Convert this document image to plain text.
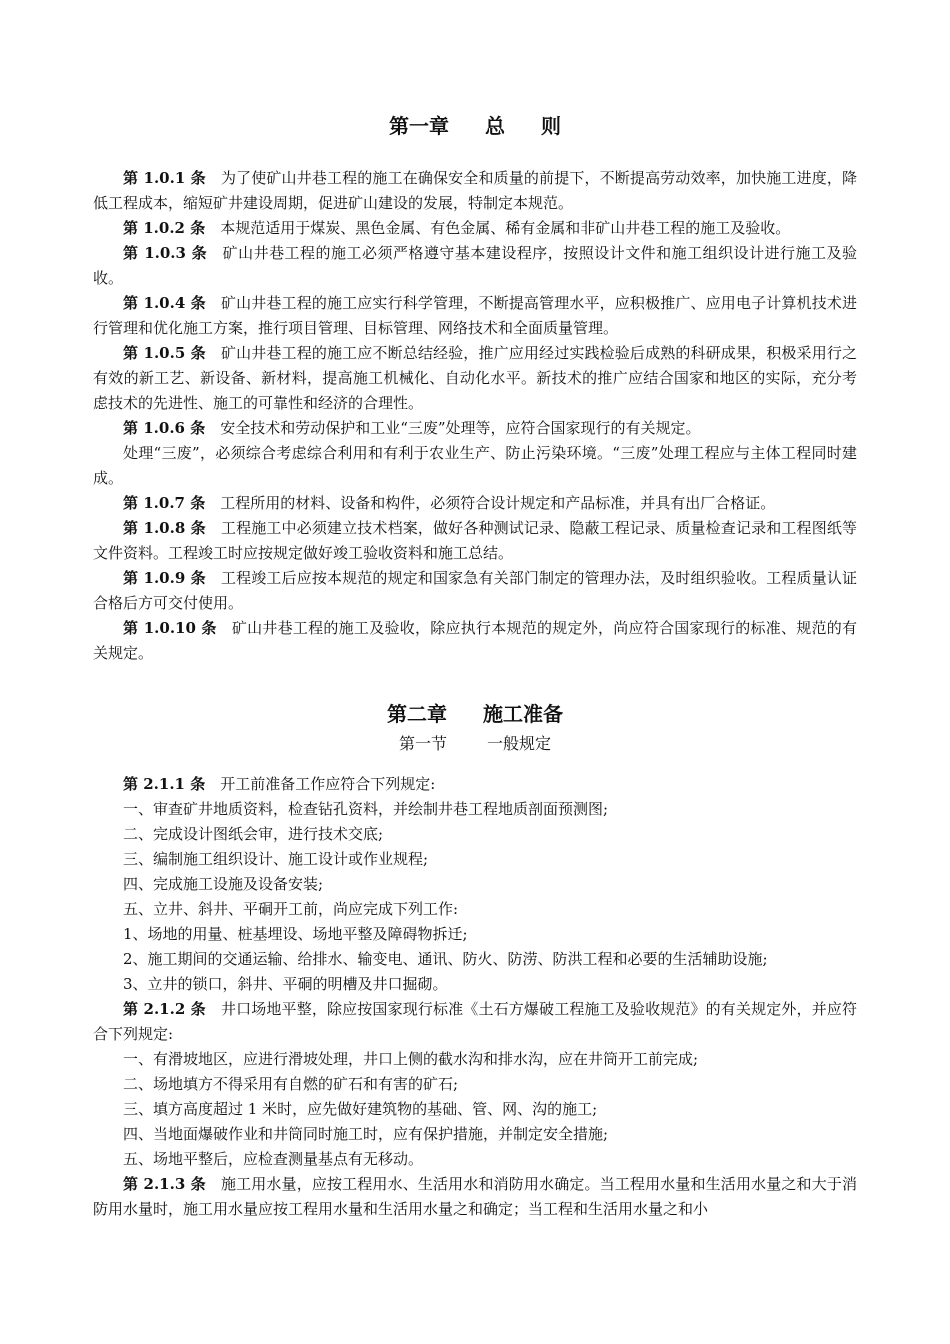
第一章 总 则

第 1.0.1 条　 为了使矿山井巷工程的施工在确保安全和质量的前提下，不断提高劳动效率，加快施工进度，降低工程成本，缩短矿井建设周期，促进矿山建设的发展，特制定本规范。

第 1.0.2 条　 本规范适用于煤炭、黑色金属、有色金属、稀有金属和非矿山井巷工程的施工及验收。

第 1.0.3 条　 矿山井巷工程的施工必须严格遵守基本建设程序，按照设计文件和施工组织设计进行施工及验收。

第 1.0.4 条　 矿山井巷工程的施工应实行科学管理，不断提高管理水平，应积极推广、应用电子计算机技术进行管理和优化施工方案，推行项目管理、目标管理、网络技术和全面质量管理。

第 1.0.5 条　 矿山井巷工程的施工应不断总结经验，推广应用经过实践检验后成熟的科研成果，积极采用行之有效的新工艺、新设备、新材料，提高施工机械化、自动化水平。新技术的推广应结合国家和地区的实际，充分考虑技术的先进性、施工的可靠性和经济的合理性。

第 1.0.6 条　 安全技术和劳动保护和工业“三废”处理等，应符合国家现行的有关规定。

处理“三废”，必须综合考虑综合利用和有利于农业生产、防止污染环境。“三废”处理工程应与主体工程同时建成。

第 1.0.7 条　 工程所用的材料、设备和构件，必须符合设计规定和产品标准，并具有出厂合格证。

第 1.0.8 条　 工程施工中必须建立技术档案，做好各种测试记录、隐蔽工程记录、质量检查记录和工程图纸等文件资料。工程竣工时应按规定做好竣工验收资料和施工总结。

第 1.0.9 条　 工程竣工后应按本规范的规定和国家急有关部门制定的管理办法，及时组织验收。工程质量认证合格后方可交付使用。

第 1.0.10 条　 矿山井巷工程的施工及验收，除应执行本规范的规定外，尚应符合国家现行的标准、规范的有关规定。

第二章 施工准备
第一节	一般规定

第 2.1.1 条　 开工前准备工作应符合下列规定:

一、审查矿井地质资料，检查钻孔资料，并绘制井巷工程地质剖面预测图;

二、完成设计图纸会审，进行技术交底;

三、编制施工组织设计、施工设计或作业规程;

四、完成施工设施及设备安装;

五、立井、斜井、平硐开工前，尚应完成下列工作:

1、场地的用量、桩基埋设、场地平整及障碍物拆迁;

2、施工期间的交通运输、给排水、输变电、通讯、防火、防涝、防洪工程和必要的生活辅助设施;

3、立井的锁口，斜井、平硐的明槽及井口掘砌。

第 2.1.2 条　 井口场地平整，除应按国家现行标准《土石方爆破工程施工及验收规范》的有关规定外，并应符合下列规定:

一、有滑坡地区，应进行滑坡处理，井口上侧的截水沟和排水沟，应在井筒开工前完成;

二、场地填方不得采用有自燃的矿石和有害的矿石;

三、填方高度超过 1 米时，应先做好建筑物的基础、管、网、沟的施工;

四、当地面爆破作业和井筒同时施工时，应有保护措施，并制定安全措施;

五、场地平整后，应检查测量基点有无移动。

第 2.1.3 条　 施工用水量，应按工程用水、生活用水和消防用水确定。当工程用水量和生活用水量之和大于消防用水量时，施工用水量应按工程用水量和生活用水量之和确定；当工程和生活用水量之和小
